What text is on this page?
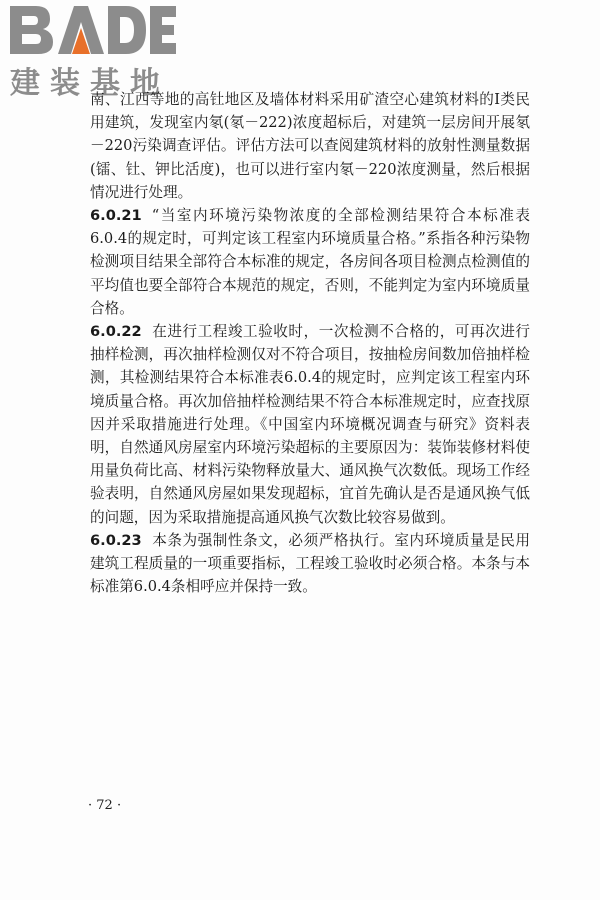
建装基地

南、江西等地的高钍地区及墙体材料采用矿渣空心建筑材料的Ⅰ类民用建筑，发现室内氡(氡－222)浓度超标后，对建筑一层房间开展氡－220污染调查评估。评估方法可以查阅建筑材料的放射性测量数据(镭、钍、钾比活度)，也可以进行室内氡－220浓度测量，然后根据情况进行处理。

6.0.21 “当室内环境污染物浓度的全部检测结果符合本标准表6.0.4的规定时，可判定该工程室内环境质量合格。”系指各种污染物检测项目结果全部符合本标准的规定，各房间各项目检测点检测值的平均值也要全部符合本规范的规定，否则，不能判定为室内环境质量合格。

6.0.22 在进行工程竣工验收时，一次检测不合格的，可再次进行抽样检测，再次抽样检测仅对不符合项目，按抽检房间数加倍抽样检测，其检测结果符合本标准表6.0.4的规定时，应判定该工程室内环境质量合格。再次加倍抽样检测结果不符合本标准规定时，应查找原因并采取措施进行处理。《中国室内环境概况调查与研究》资料表明，自然通风房屋室内环境污染超标的主要原因为：装饰装修材料使用量负荷比高、材料污染物释放量大、通风换气次数低。现场工作经验表明，自然通风房屋如果发现超标，宜首先确认是否是通风换气低的问题，因为采取措施提高通风换气次数比较容易做到。

6.0.23 本条为强制性条文，必须严格执行。室内环境质量是民用建筑工程质量的一项重要指标，工程竣工验收时必须合格。本条与本标准第6.0.4条相呼应并保持一致。

· 72 ·
